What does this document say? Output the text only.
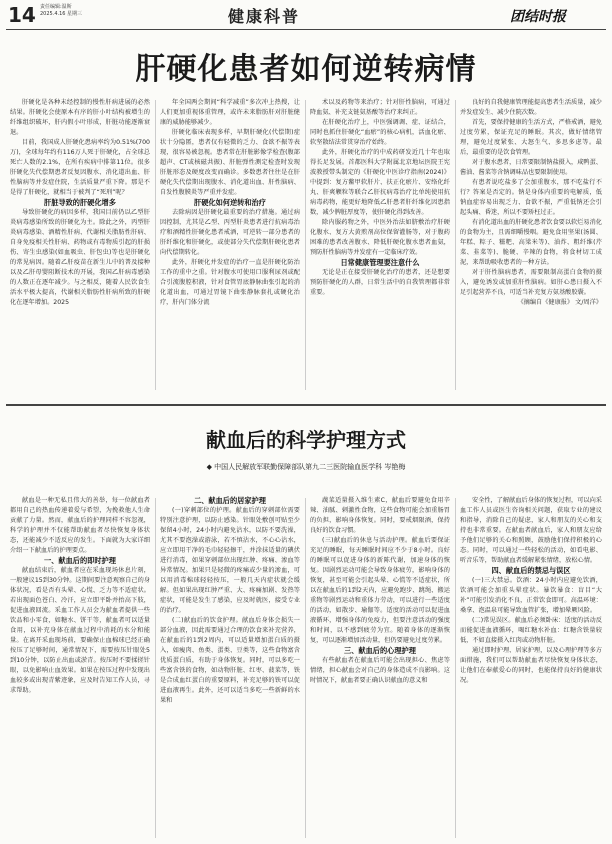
14 责任编辑:温斯
2025.4.16 星期三	健康科普	团结时报
肝硬化患者如何逆转病情

肝硬化是各种未经控制的慢性肝病进展的必然结果。肝硬化会使原本有序的肝小叶结构被增生的纤维组织破坏，肝内假小叶形成，肝脏功能逐渐衰退。

目前，我国成人肝硬化患病率约为0.51%(700万)，全球每年约有116万人死于肝硬化，占全球总死亡人数的2.1%，在所有疾病中排第11位。很多肝硬化失代偿期患者反复因腹水、消化道出血、肝性脑病等并发症住院，生活质量严重下降。那是不是得了肝硬化，就相当于被判了“死刑”呢？

肝脏导致的肝硬化增多

导致肝硬化的病因多样，我国目前仍以乙型肝炎病毒感染所致的肝硬化为主。除此之外，丙型肝炎病毒感染、酒精性肝病、代谢相关脂肪性肝病、自身免疫相关性肝病、药物或有毒物质引起的肝损伤、寄生虫感染(如血吸虫、肝包虫)等也是肝硬化的常见病因。随着乙肝疫苗在新生儿中的普及接种以及乙肝母婴阻断技术的开展，我国乙肝病毒感染的人数正在逐年减少。与之相反，随着人民饮食生活水平极大提高，代谢相关脂肪性肝病所致的肝硬化在逐年增加。2025

年全国两会期间“科学减重”多次冲上热搜，让人们更加重视体重管理，或许未来脂肪肝对肝脏健康的威胁能够减少。

肝硬化临床表现多样，早期肝硬化(代偿期)症状十分隐匿，患者仅有轻微的乏力、食欲不振等表现，很容易被忽视。患者常在肝脏影像学检查(腹部超声、CT或核磁共振)、肝脏弹性测定检查时发现肝脏形态及硬度改变而确诊。多数患者往往是在肝硬化失代偿期出现腹水、消化道出血、肝性脑病、自发性腹膜炎等严重并发症。

肝硬化如何逆转和治疗

去除病因是肝硬化最重要的治疗措施。通过病因控制，尤其是乙型、丙型肝炎患者进行抗病毒治疗和酒精性肝硬化患者戒酒，可逆转一部分患者的肝纤维化和肝硬化，或使部分失代偿期肝硬化患者向代偿期转化。

此外，肝硬化并发症的治疗一直是肝硬化防治工作的重中之重。针对腹水可使用口服利尿剂或配合引流腹腔积液，针对食管胃底静脉曲张引起的消化道出血，可通过胃镜下曲张静脉套扎或硬化治疗，肝内门体分流

术以及药物等来治疗；针对肝性脑病，可通过降血氨、补充支链氨基酸等治疗来纠正。

在肝硬化治疗上，中医强调调、症、证结合，同时也抓住肝硬化“血瘀”的核心病机，活血化瘀、软坚散结法常贯穿治疗始终。

此外，肝硬化治疗的中成药研发近几十年也取得长足发展。首都医科大学附属北京地坛医院王宪波教授带头制定的《肝硬化中医诊疗指南(2024)》中提到：复方鳖甲软肝片、扶正化瘀片、安络化纤丸、肝爽颗粒等联合乙肝抗病毒治疗比单纯使用抗病毒药物，能更好地降低乙肝患者肝纤维化因患指数，减少脾脏厚度等，使肝硬化得到改善。

除内服药物之外，中医外治法如脐敷治疗肝硬化腹水、复方大黄煎剂高位保留灌肠等，对于腹药困难的患者改善腹水、降低肝硬化腹水患者血氨，预防肝性脑病等并发症有一定临床疗效。

日常健康管理要注意什么

无论是正在接受肝硬化治疗的患者，还是想要预防肝硬化的人群，日常生活中的自我管理都非常重要。

良好的自我健康管理能提高患者生活质量，减少并发症发生、减少住院次数。

首先，要保持健康的生活方式，严格戒酒，避免过度劳累，保证充足的睡眠。其次，做好情绪管理，避免过度紧张、大怒生气、多思多虑等。最后，最重要的是饮食管理。

对于腹水患者，日常要限制钠盐摄入，咸鸭蛋、酱油、酱菜等含钠调味品也要限制使用。

有患者说吃盐多了会加重腹水，那不吃盐行不行？答案是否定的。钠是身体内重要的电解质，低钠血症容易出现乏力、食欲不振，严重低钠还会引起头痛、昏迷，所以不要矫枉过正。

有消化道出血的肝硬化患者饮食要以软烂易消化的食物为主，且需细嚼慢咽。避免食用坚果(汤圆、年糕、粽子、糍粑、高梁米等)、油炸、粗纤维(芹菜、韭菜等)、脆硬、辛辣的食物，将食材切工成泥，来帮助吸收患者的一种方法。

对于肝性脑病患者，需要限制高蛋白食物的摄入，避免诱发或加重肝性脑病。如肝心患日摄入不足引起营养不良，可适当补充复方氨基酸胶囊。

《摘编自《健康报》 文/周洋》

献血后的科学护理方式
◆ 中国人民解放军联勤保障部队第九二三医院输血医学科 岑艳梅

献血是一种无私且伟大的善举，每一位献血者都用自己的热血传递着爱与希望，为挽救他人生命贡献了力量。然而，献血后的护理同样不容忽视，科学的护理并不仅能帮助献血者尽快恢复身体状态，还能减少不适反应的发生。下面就为大家详细介绍一下献血后的护理要点。

一、献血后的即时护理

献血结束后，献血者应在采血现场休息片刻，一般建议15到30分钟。这期间要注意观察自己的身体状况，看是否有头晕、心慌、乏力等不适症状。若出现面色苍白、冷汗，应立即平卧并抬高下肢，促进血液回流。采血工作人员会为献血者提供一些饮品和小零食，如糖水、饼干等，献血者可以适量食用，以补充身体在献血过程中消耗的水分和能量。在离开采血现场前，要确保止血棉球已经正确按压了足够时间，通常情况下，需要按压针眼处5到10分钟，以防止出血或淤青。按压时不要揉搓针眼，以免影响止血效果。如果在按压过程中发现出血较多或出现青紫迹象，应及时告知工作人员，寻求帮助。

二、献血后的居家护理

(一)穿刺部位的护理。献血后的穿刺部位需要特别注意护理，以防止感染。针眼处敷创可贴至少保留4小时，24小时内避免沾水，以防不要洗澡，尤其不要泡澡或游泳，若不慎沾水，不心心沾水，应立即用干净的毛巾轻轻擦干，并涂抹适量的碘伏进行消毒，如果穿刺部位出现红肿、疼痛、渗血等异常情况。加果只是轻微的疼痛或少量的渗血，可以用消毒棉球轻轻按压，一般几天内症状就会缓解。但如果出现红肿严重、大、疼痛加剧、发热等症状，可能是发生了感染，应及时就医，接受专业的治疗。

(二)献血后的饮食护理。献血后身体会损失一部分血液，因此需要通过合理的饮食来补充营养，在献血后的1到2周内，可以适量增加蛋白质的摄入，如瘦肉、鱼类、蛋类、豆类等，这些食物富含优质蛋白质，有助于身体恢复。同时，可以多吃一些富含铁的食物，如动物肝脏、红枣、菠菜等，铁是合成血红蛋白的重要原料，补充足够的铁可以促进血液再生。此外，还可以适当多吃一些新鲜的水果和

蔬菜适量摄入维生素C，献血后要避免食用辛辣、油腻、刺激性食物，这些食物可能会加重肠胃的负担，影响身体恢复。同时，要戒烟限酒，保持良好的饮食习惯。

(三)献血后的休息与活动护理。献血后要保证充足的睡眠，每天睡眠时间应不少于8小时。良好的睡眠可以促进身体的新陈代谢，加速身体的恢复。因剧烈运动可能会导致身体疲劳，影响身体的恢复，甚至可能会引起头晕、心慌等不适症状，所以在献血后的1到2天内，应避免跑步、跳绳、搬运重物等剧烈运动和重体力劳动，可以进行一些适度的活动，如散步、瑜伽等。适度的活动可以促进血液循环，增强身体的免疫力，但要注意活动的强度和时间，以不感到疲劳为宜。随着身体的逐渐恢复，可以逐渐增加活动量，但仍要避免过度劳累。

三、献血后的心理护理

有些献血者在献血后可能会出现担心、焦虑等情绪，担心献血会对自己的身体造成不良影响。这时情况下，献血者要正确认识献血的意义和

安全性，了解献血后身体的恢复过程，可以向采血工作人员或医生咨询相关问题，获取专业的建议和指导，消除自己的疑虑，家人和朋友的关心和支持也非常重要。在献血者献血后，家人和朋友应给予他们足够的关心和照顾，鼓励他们保持积极的心态。同时，可以通过一些轻松的活动，如看电影、听音乐等，帮助献血者缓解紧张情绪，放松心情。

四、献血后的禁忌与误区

(一)三大禁忌。饮酒：24小时内应避免饮酒，饮酒可能会加重头晕症状。暴饮暴食：盲目“大补”可能引发消化不良，正常饮食即可。高温环境：桑拿、泡温泉可能导致血管扩张，增加晕厥风险。

(二)常见误区。献血后必须卧床：适度的活动反而能促进血液循环，喝红糖水补血：红糖含铁量较低，不如直接摄入红肉或动物肝脏。

通过即时护理、居家护理，以及心理护理等多方面措施，我们可以帮助献血者尽快恢复身体状态，让他们在奉献爱心的同时，也能保持良好的健康状况。
